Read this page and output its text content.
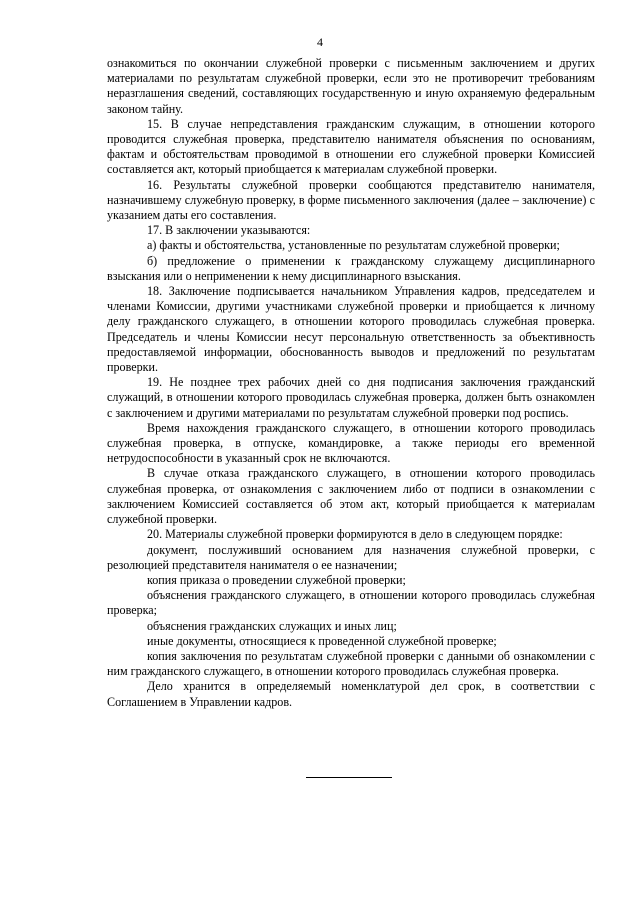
4

ознакомиться по окончании служебной проверки с письменным заключением и других материалами по результатам служебной проверки, если это не противоречит требованиям неразглашения сведений, составляющих государственную и иную охраняемую федеральным законом тайну.

15. В случае непредставления гражданским служащим, в отношении которого проводится служебная проверка, представителю нанимателя объяснения по основаниям, фактам и обстоятельствам проводимой в отношении его служебной проверки Комиссией составляется акт, который приобщается к материалам служебной проверки.

16. Результаты служебной проверки сообщаются представителю нанимателя, назначившему служебную проверку, в форме письменного заключения (далее – заключение) с указанием даты его составления.

17. В заключении указываются:

а) факты и обстоятельства, установленные по результатам служебной проверки;

б) предложение о применении к гражданскому служащему дисциплинарного взыскания или о неприменении к нему дисциплинарного взыскания.

18. Заключение подписывается начальником Управления кадров, председателем и членами Комиссии, другими участниками служебной проверки и приобщается к личному делу гражданского служащего, в отношении которого проводилась служебная проверка. Председатель и члены Комиссии несут персональную ответственность за объективность предоставляемой информации, обоснованность выводов и предложений по результатам проверки.

19. Не позднее трех рабочих дней со дня подписания заключения гражданский служащий, в отношении которого проводилась служебная проверка, должен быть ознакомлен с заключением и другими материалами по результатам служебной проверки под роспись.

Время нахождения гражданского служащего, в отношении которого проводилась служебная проверка, в отпуске, командировке, а также периоды его временной нетрудоспособности в указанный срок не включаются.

В случае отказа гражданского служащего, в отношении которого проводилась служебная проверка, от ознакомления с заключением либо от подписи в ознакомлении с заключением Комиссией составляется об этом акт, который приобщается к материалам служебной проверки.

20. Материалы служебной проверки формируются в дело в следующем порядке:

документ, послуживший основанием для назначения служебной проверки, с резолюцией представителя нанимателя о ее назначении;

копия приказа о проведении служебной проверки;

объяснения гражданского служащего, в отношении которого проводилась служебная проверка;

объяснения гражданских служащих и иных лиц;

иные документы, относящиеся к проведенной служебной проверке;

копия заключения по результатам служебной проверки с данными об ознакомлении с ним гражданского служащего, в отношении которого проводилась служебная проверка.

Дело хранится в определяемый номенклатурой дел срок, в соответствии с Соглашением в Управлении кадров.
